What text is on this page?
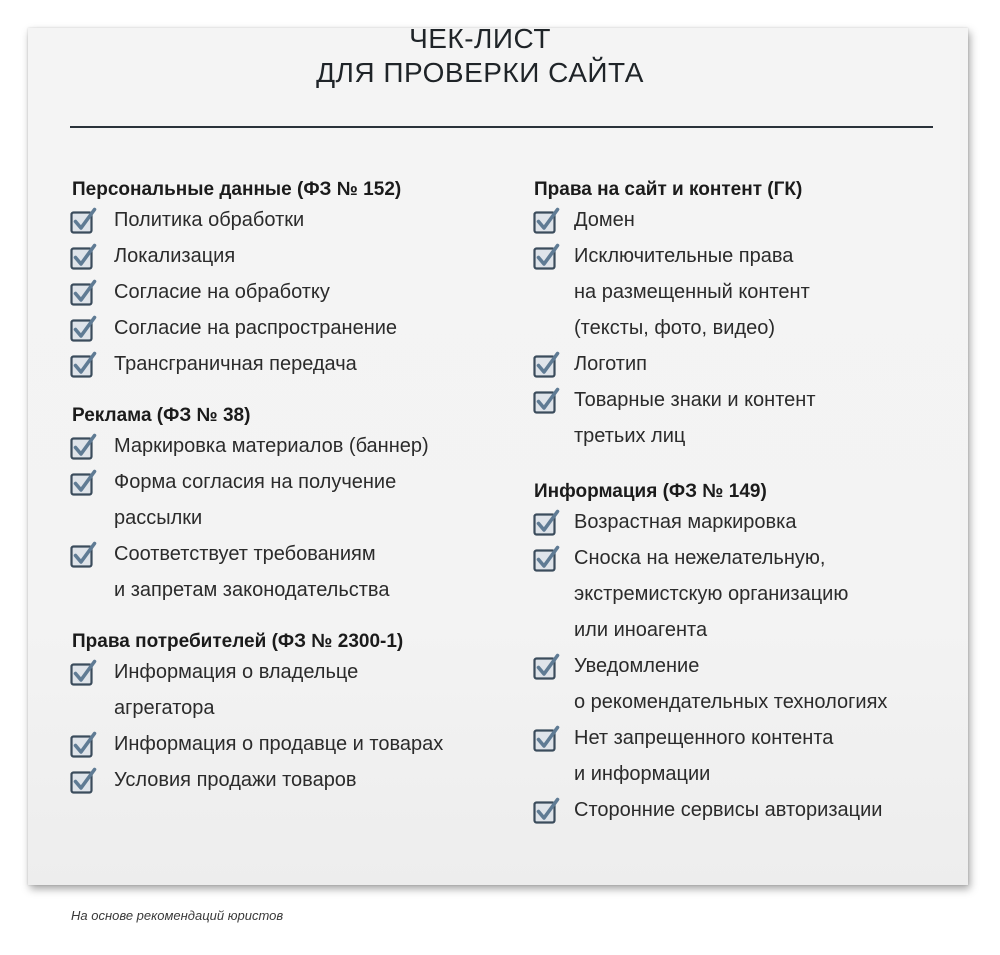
ЧЕК-ЛИСТ
ДЛЯ ПРОВЕРКИ САЙТА
Персональные данные (ФЗ № 152)
Политика обработки
Локализация
Согласие на обработку
Согласие на распространение
Трансграничная передача
Реклама (ФЗ № 38)
Маркировка материалов (баннер)
Форма согласия на получение
рассылки
Соответствует требованиям
и запретам законодательства
Права потребителей (ФЗ № 2300-1)
Информация о владельце
агрегатора
Информация о продавце и товарах
Условия продажи товаров
Права на сайт и контент (ГК)
Домен
Исключительные права
на размещенный контент
(тексты, фото, видео)
Логотип
Товарные знаки и контент
третьих лиц
Информация (ФЗ № 149)
Возрастная маркировка
Сноска на нежелательную,
экстремистскую организацию
или иноагента
Уведомление
о рекомендательных технологиях
Нет запрещенного контента
и информации
Сторонние сервисы авторизации
На основе рекомендаций юристов
